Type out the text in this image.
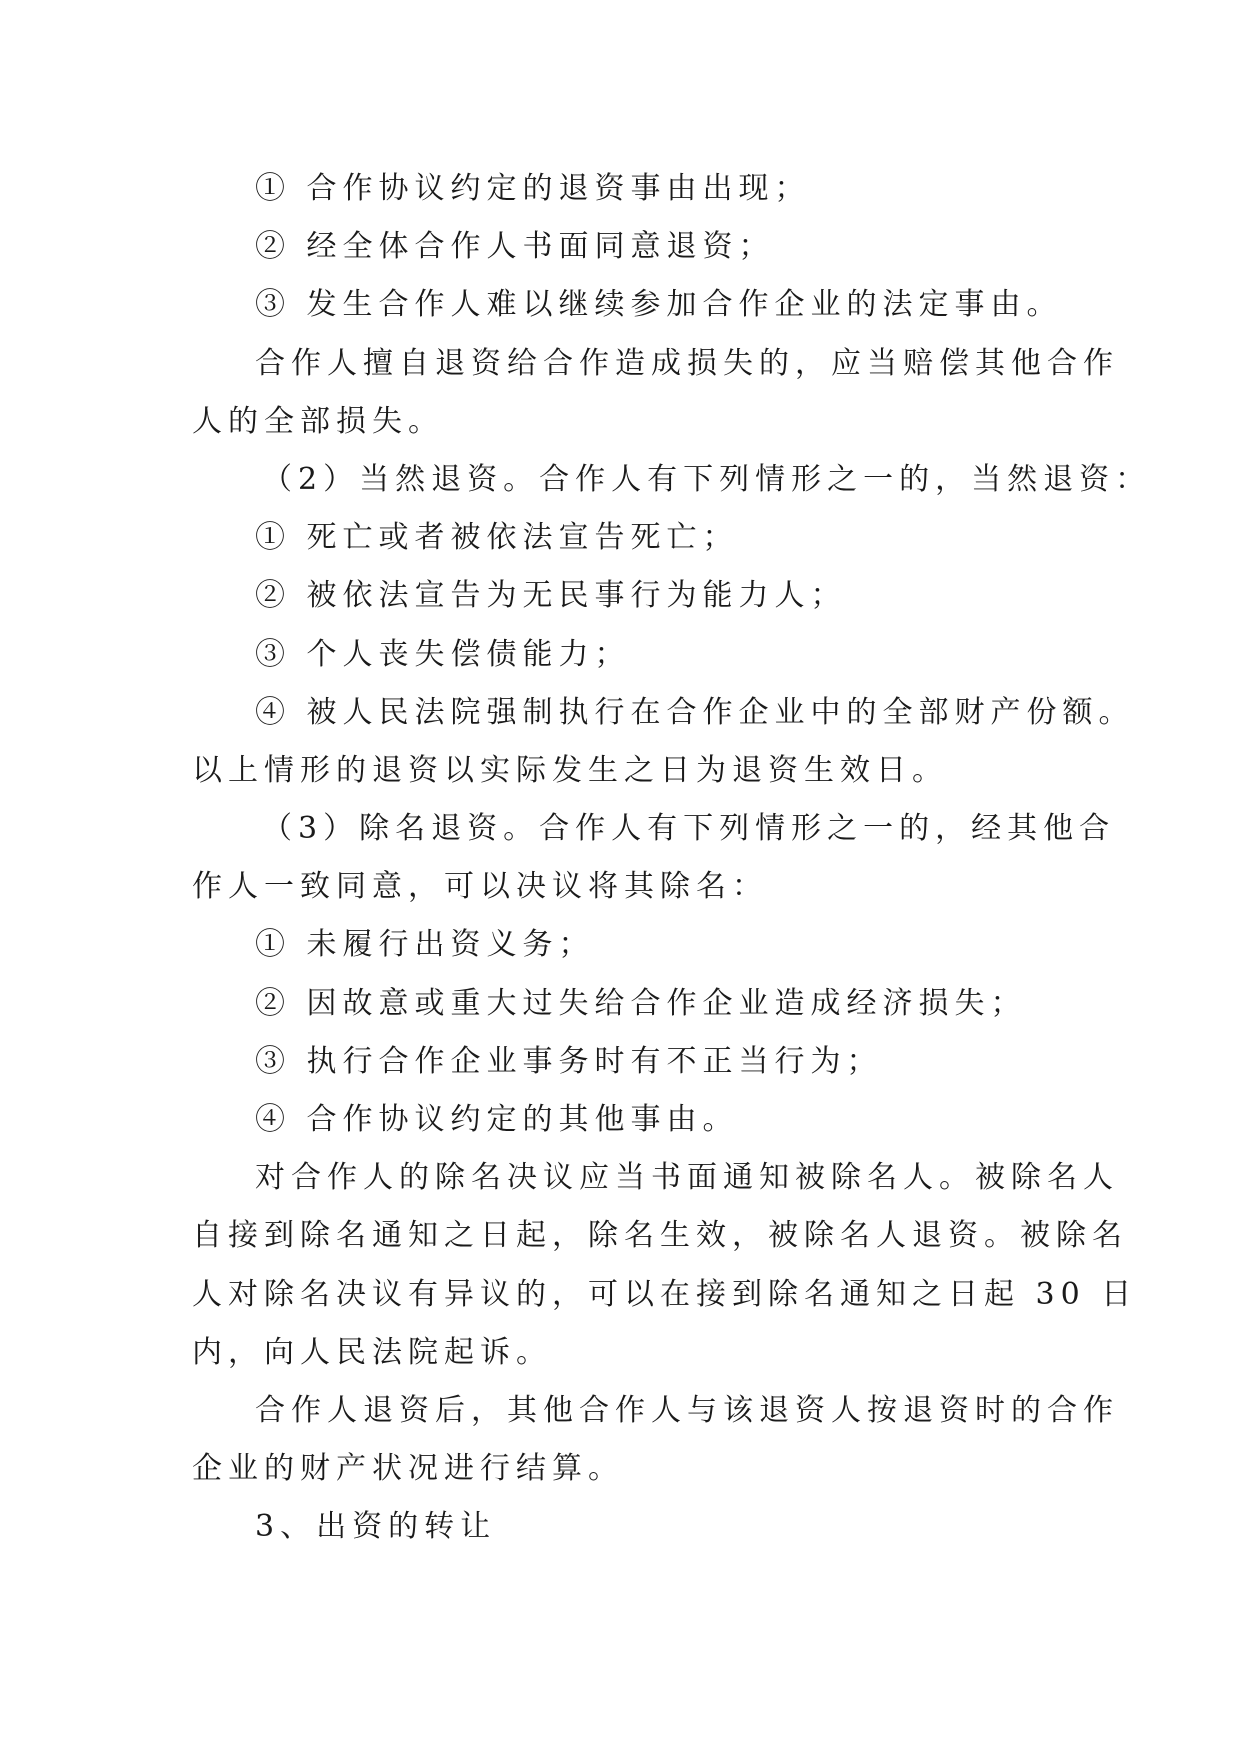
① 合作协议约定的退资事由出现；
② 经全体合作人书面同意退资；
③ 发生合作人难以继续参加合作企业的法定事由。
合作人擅自退资给合作造成损失的，应当赔偿其他合作
人的全部损失。
（2）当然退资。合作人有下列情形之一的，当然退资：
① 死亡或者被依法宣告死亡；
② 被依法宣告为无民事行为能力人；
③ 个人丧失偿债能力；
④ 被人民法院强制执行在合作企业中的全部财产份额。
以上情形的退资以实际发生之日为退资生效日。
（3）除名退资。合作人有下列情形之一的，经其他合
作人一致同意，可以决议将其除名：
① 未履行出资义务；
② 因故意或重大过失给合作企业造成经济损失；
③ 执行合作企业事务时有不正当行为；
④ 合作协议约定的其他事由。
对合作人的除名决议应当书面通知被除名人。被除名人
自接到除名通知之日起，除名生效，被除名人退资。被除名
人对除名决议有异议的，可以在接到除名通知之日起 30 日
内，向人民法院起诉。
合作人退资后，其他合作人与该退资人按退资时的合作
企业的财产状况进行结算。
3、出资的转让
